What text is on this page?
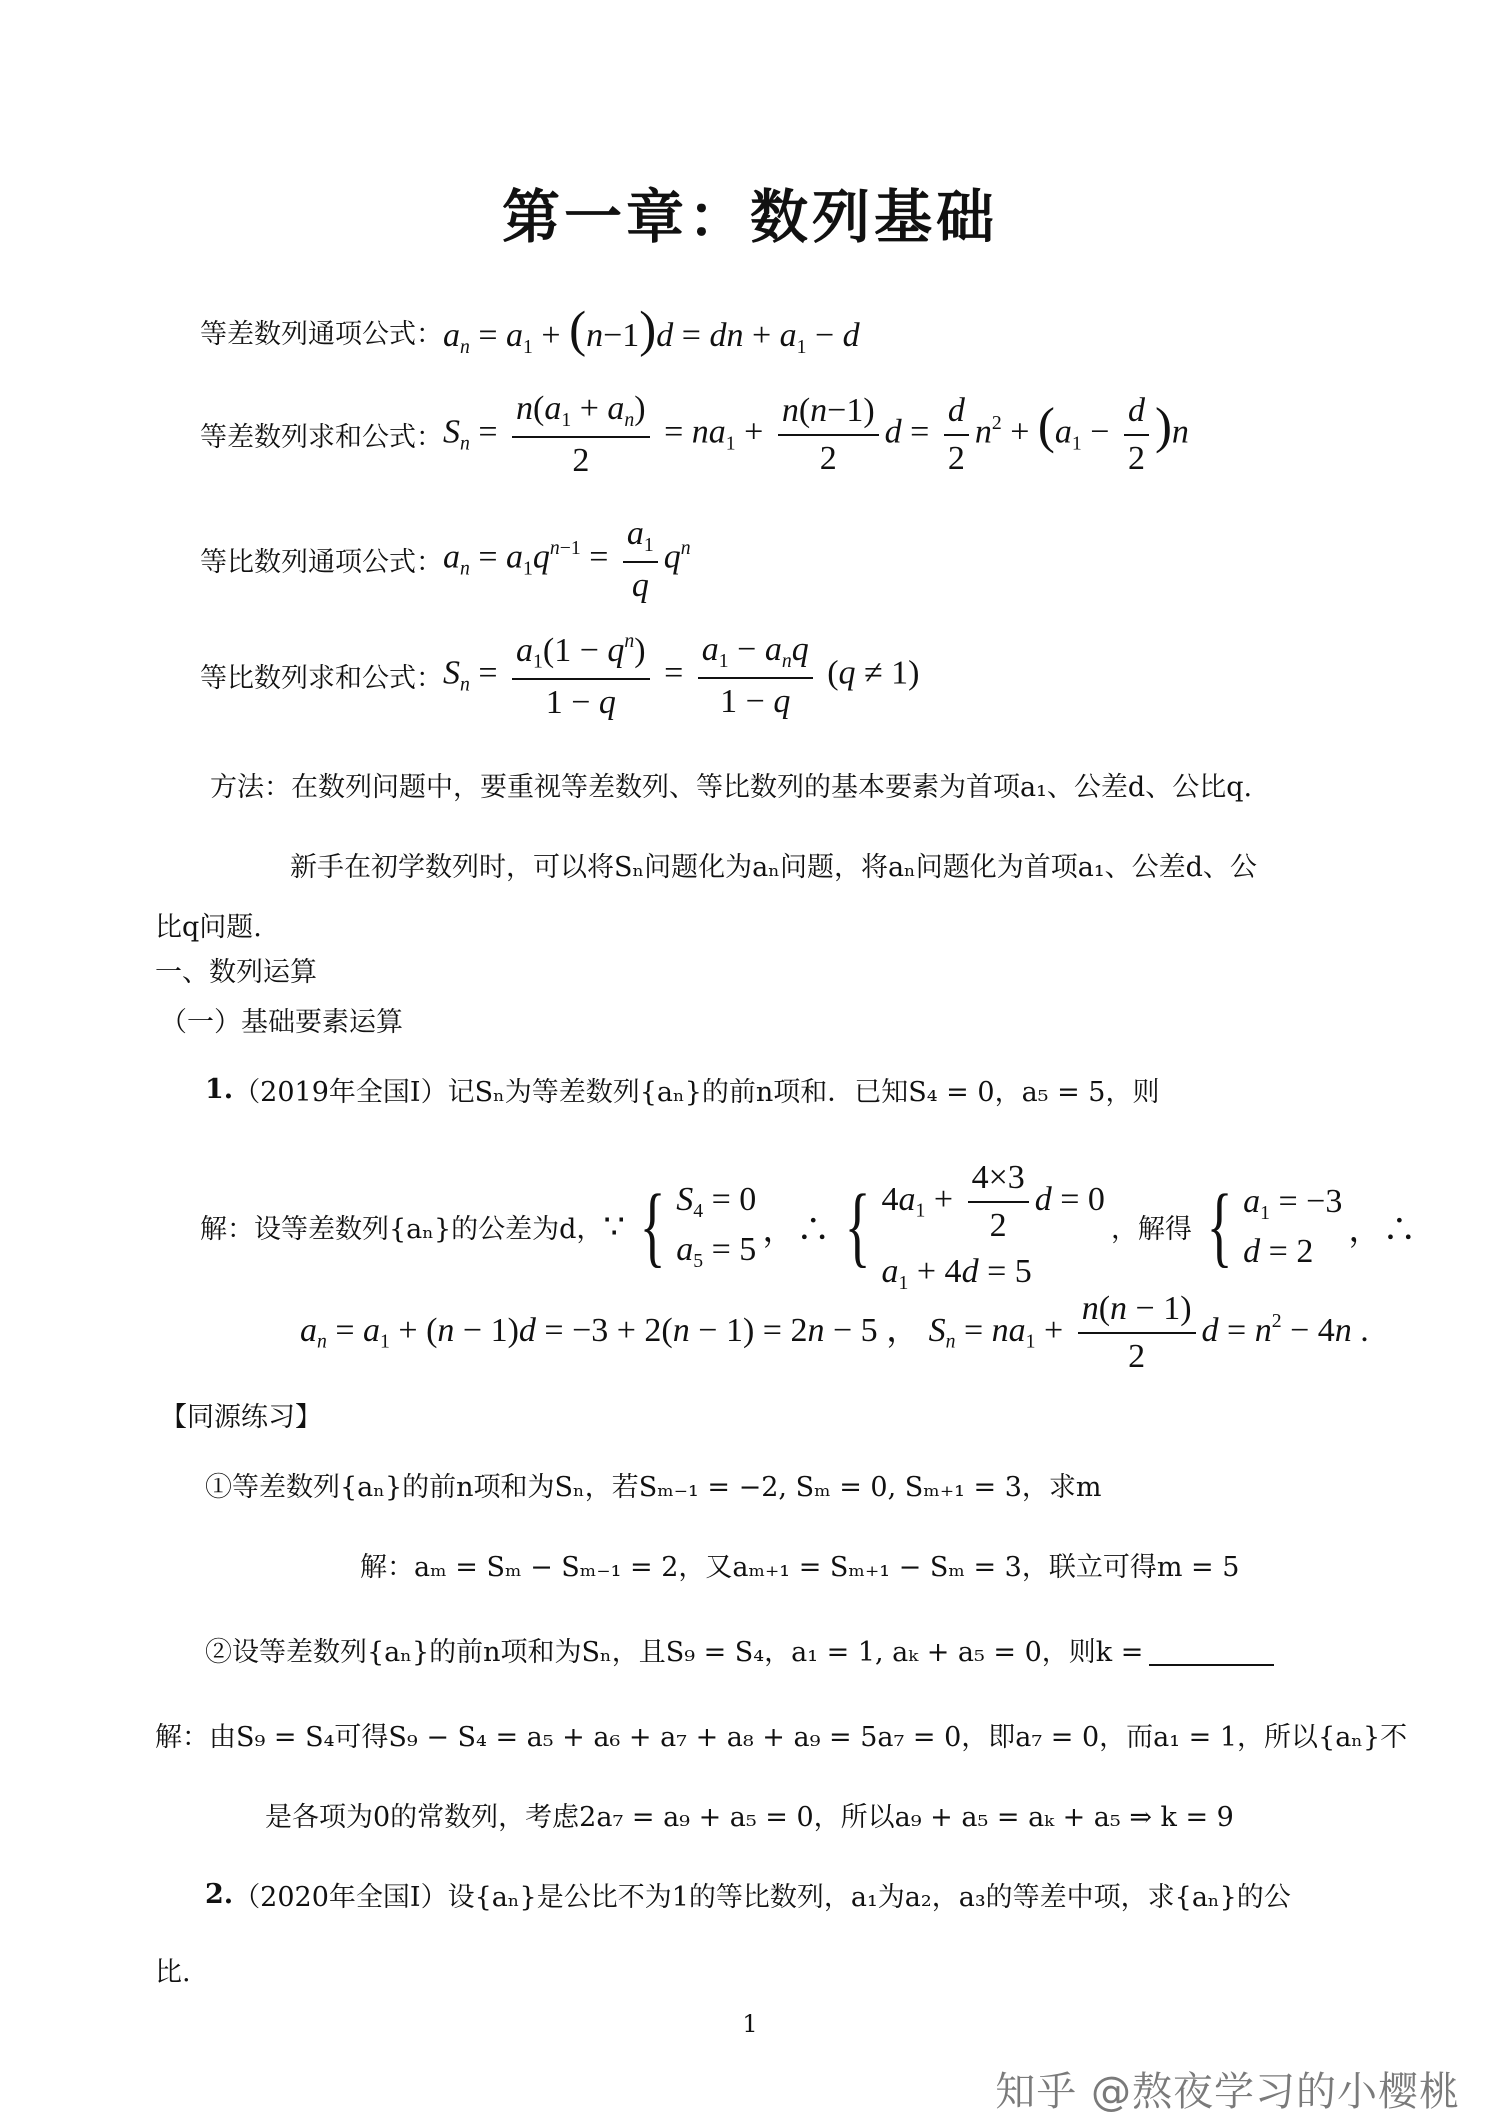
第一章：数列基础
等差数列通项公式： $a_n = a_1 + (n-1)d$ = dn + $a_1 - d$
等差数列求和公式： $S_n = \frac{n(a_1 + a_n)}{2} = na_1 + \frac{n(n-1)}{2}$ $d = \frac{d}{2} n^2 + (a_1 - \frac{d}{2} )n$
等比数列通项公式： $a_n = a_1q^{n-1} = \frac{a_1}{q} q^n$
等比数列求和公式： $S_n = \frac{a_1(1 - q^n)}{1 - q} = \frac{a_1 - a_nq}{1 - q} (q \ne 1)$
方法：在数列问题中，要重视等差数列、等比数列的基本要素为首项a₁、公差d、公比q.
新手在初学数列时，可以将Sₙ问题化为aₙ问题，将aₙ问题化为首项a₁、公差d、公
比q问题.
一、数列运算
（一）基础要素运算
1. （2019年全国Ⅰ） 记Sₙ为等差数列{aₙ}的前n项和．已知S₄ = 0，a₅ = 5，则
解：设等差数列{aₙ}的公差为d， ∵ { $S_4 = 0$
$a_5 = 5$ ，∴ { $4a_1 + \frac{4\times 3}{2}$ d = 0
$a_1 + 4d = 5$
，解得 { $a_1 = -3$
d = 2
，∴
$a_n = a_1 + (n - 1)d = -3 + 2(n - 1) = 2n - 5$ ， $S_n = na_1 + \frac{n(n - 1)}{2}$ $d = n^2 - 4n$ .
【同源练习】
①等差数列{aₙ}的前n项和为Sₙ，若Sₘ₋₁ = −2, Sₘ = 0, Sₘ₊₁ = 3，求m
解：aₘ = Sₘ − Sₘ₋₁ = 2，又aₘ₊₁ = Sₘ₊₁ − Sₘ = 3，联立可得m = 5
②设等差数列{aₙ}的前n项和为Sₙ，且S₉ = S₄，a₁ = 1, aₖ + a₅ = 0，则k =
解：由S₉ = S₄可得S₉ − S₄ = a₅ + a₆ + a₇ + a₈ + a₉ = 5a₇ = 0，即a₇ = 0，而a₁ = 1，所以{aₙ}不
是各项为0的常数列，考虑2a₇ = a₉ + a₅ = 0，所以a₉ + a₅ = aₖ + a₅ ⇒ k = 9
2. （2020年全国Ⅰ） 设{aₙ}是公比不为1的等比数列，a₁为a₂，a₃的等差中项，求{aₙ}的公
比.
1
知乎 @熬夜学习的小樱桃
